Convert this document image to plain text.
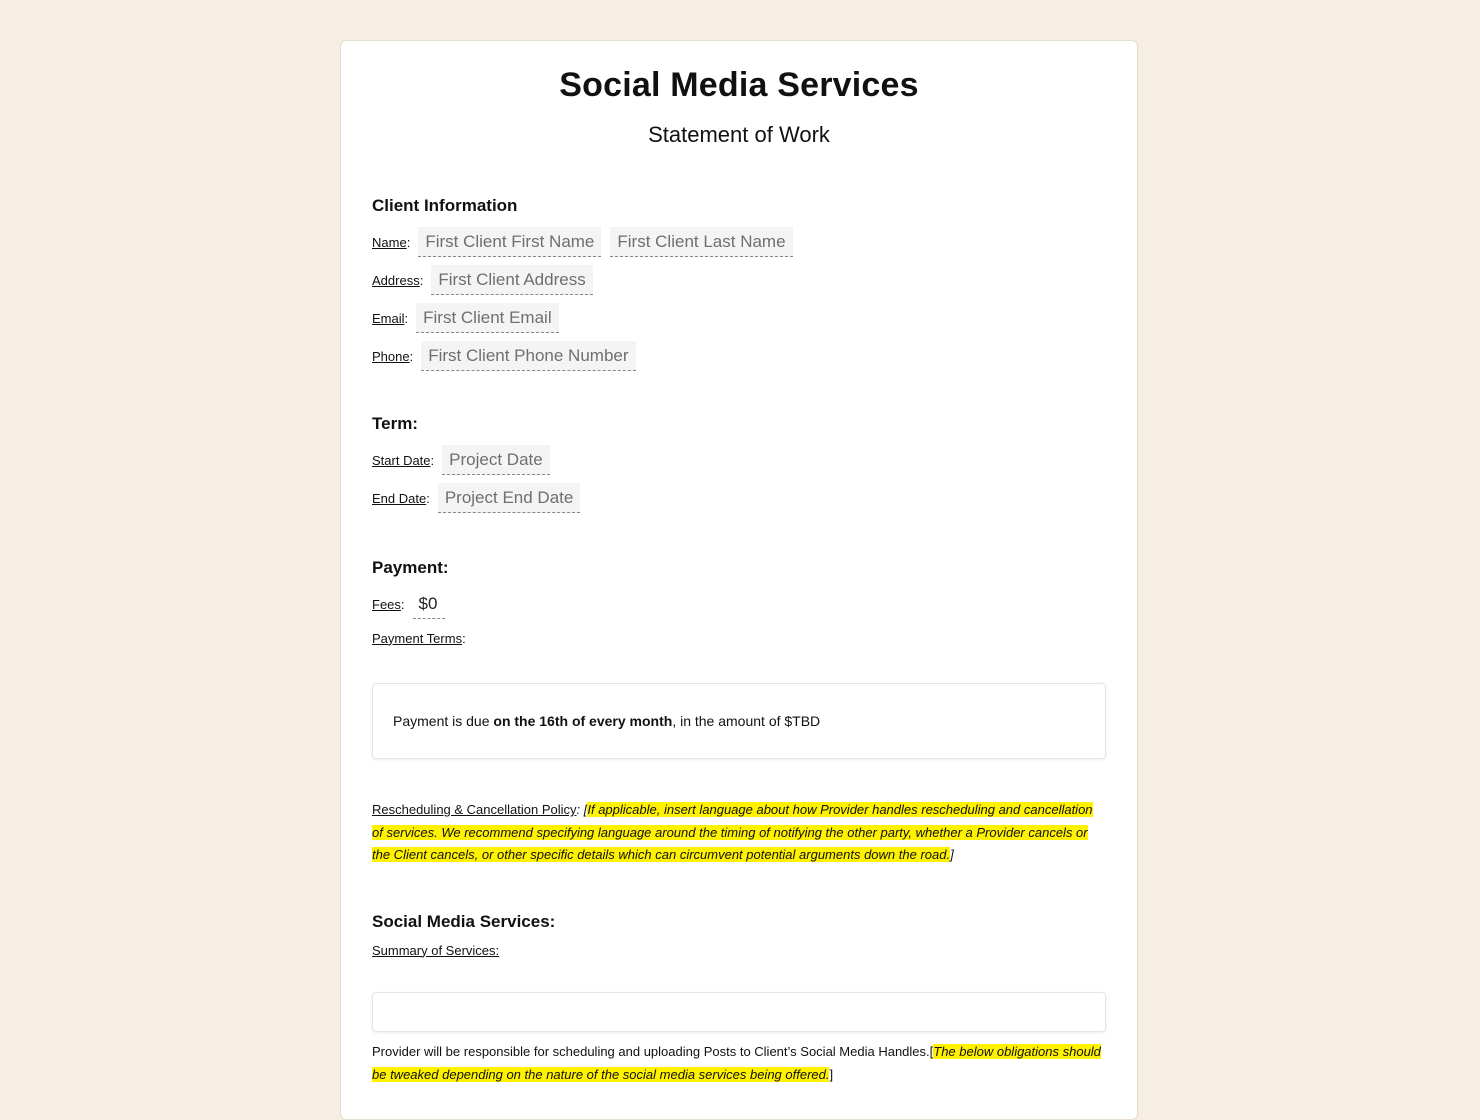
Social Media Services
Statement of Work
Client Information
Name : First Client First Name	First Client Last Name
Address : First Client Address
Email : First Client Email
Phone : First Client Phone Number
Term:
Start Date : Project Date
End Date : Project End Date
Payment:
Fees : $0
Payment Terms :
Payment is due on the 16th of every month, in the amount of $TBD
Rescheduling & Cancellation Policy: [If applicable, insert language about how Provider handles rescheduling and cancellation of services. We recommend specifying language around the timing of notifying the other party, whether a Provider cancels or the Client cancels, or other specific details which can circumvent potential arguments down the road.]
Social Media Services:
Summary of Services:
Provider will be responsible for scheduling and uploading Posts to Client’s Social Media Handles.[The below obligations should be tweaked depending on the nature of the social media services being offered.]
